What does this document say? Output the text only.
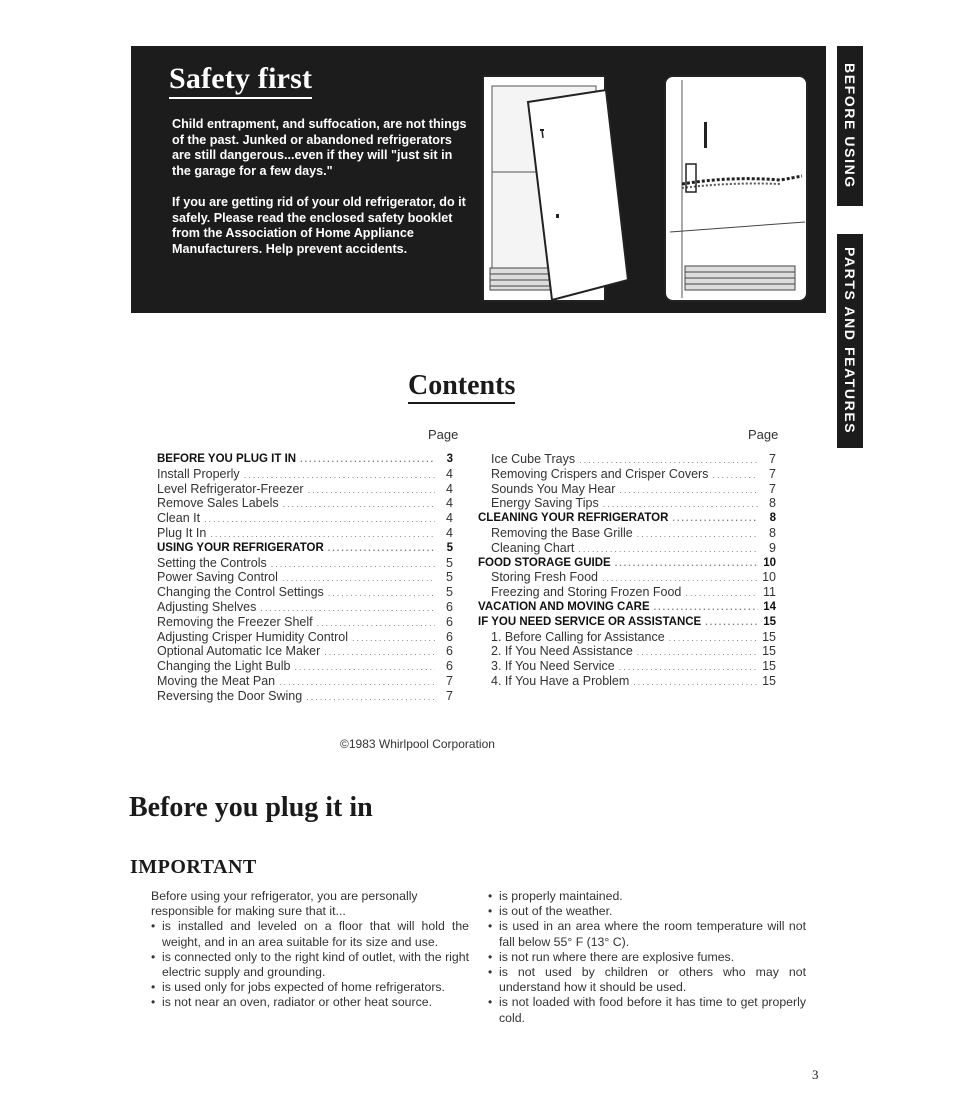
Safety first

Child entrapment, and suffocation, are not things of the past. Junked or abandoned refrigerators are still dangerous...even if they will "just sit in the garage for a few days."

If you are getting rid of your old refrigerator, do it safely. Please read the enclosed safety booklet from the Association of Home Appliance Manufacturers. Help prevent accidents.

BEFORE USING
PARTS AND FEATURES
Contents
Page	Page
BEFORE YOU PLUG IT IN .....	3
Install Properly .....	4
Level Refrigerator-Freezer .....	4
Remove Sales Labels .....	4
Clean It .....	4
Plug It In .....	4
USING YOUR REFRIGERATOR .....	5
Setting the Controls .....	5
Power Saving Control .....	5
Changing the Control Settings .....	5
Adjusting Shelves .....	6
Removing the Freezer Shelf .....	6
Adjusting Crisper Humidity Control .....	6
Optional Automatic Ice Maker .....	6
Changing the Light Bulb .....	6
Moving the Meat Pan .....	7
Reversing the Door Swing .....	7
Ice Cube Trays .....	7
Removing Crispers and Crisper Covers .....	7
Sounds You May Hear .....	7
Energy Saving Tips .....	8
CLEANING YOUR REFRIGERATOR .....	8
Removing the Base Grille .....	8
Cleaning Chart .....	9
FOOD STORAGE GUIDE .....	10
Storing Fresh Food .....	10
Freezing and Storing Frozen Food .....	11
VACATION AND MOVING CARE .....	14
IF YOU NEED SERVICE OR ASSISTANCE .....	15
1. Before Calling for Assistance .....	15
2. If You Need Assistance .....	15
3. If You Need Service .....	15
4. If You Have a Problem .....	15
©1983 Whirlpool Corporation
Before you plug it in
IMPORTANT

Before using your refrigerator, you are personally responsible for making sure that it...

• is installed and leveled on a floor that will hold the weight, and in an area suitable for its size and use.
• is connected only to the right kind of outlet, with the right electric supply and grounding.
• is used only for jobs expected of home refrigerators.
• is not near an oven, radiator or other heat source.
• is properly maintained.
• is out of the weather.
• is used in an area where the room temperature will not fall below 55° F (13° C).
• is not run where there are explosive fumes.
• is not used by children or others who may not understand how it should be used.
• is not loaded with food before it has time to get properly cold.
3
